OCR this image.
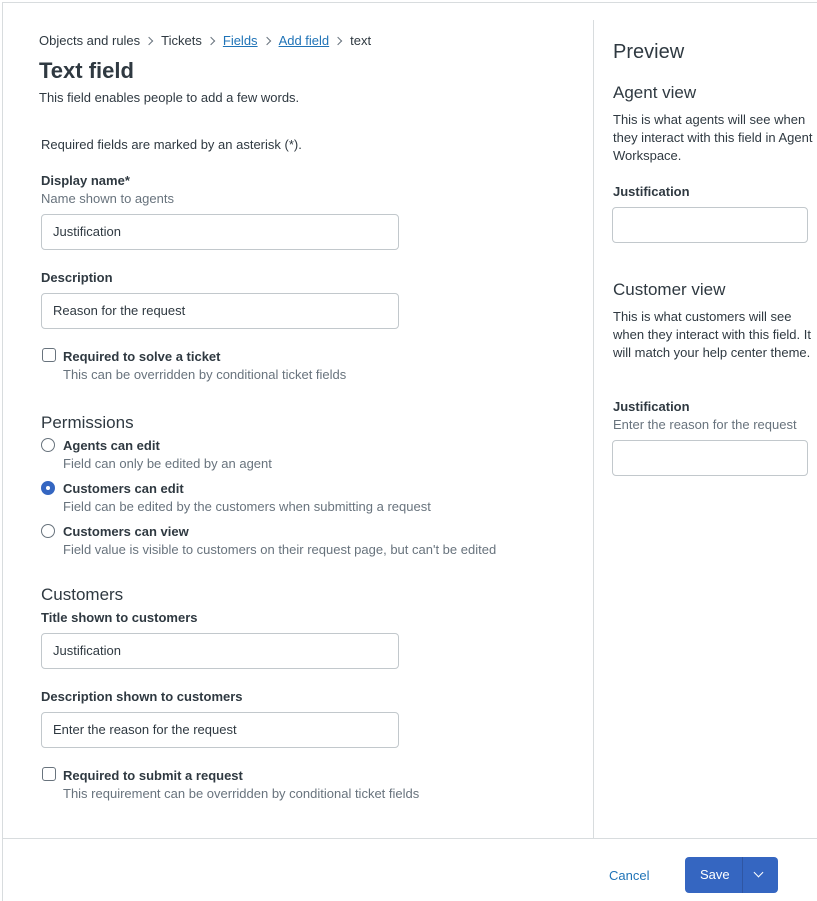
Objects and rules Tickets Fields Add field text
Text field
This field enables people to add a few words.
Required fields are marked by an asterisk (*).
Display name*
Name shown to agents
Justification
Description
Reason for the request
Required to solve a ticket
This can be overridden by conditional ticket fields
Permissions
Agents can edit
Field can only be edited by an agent
Customers can edit
Field can be edited by the customers when submitting a request
Customers can view
Field value is visible to customers on their request page, but can't be edited
Customers
Title shown to customers
Justification
Description shown to customers
Enter the reason for the request
Required to submit a request
This requirement can be overridden by conditional ticket fields
Preview
Agent view
This is what agents will see when they interact with this field in Agent Workspace.
Justification
Customer view
This is what customers will see when they interact with this field. It will match your help center theme.
Justification
Enter the reason for the request
Cancel	Save
